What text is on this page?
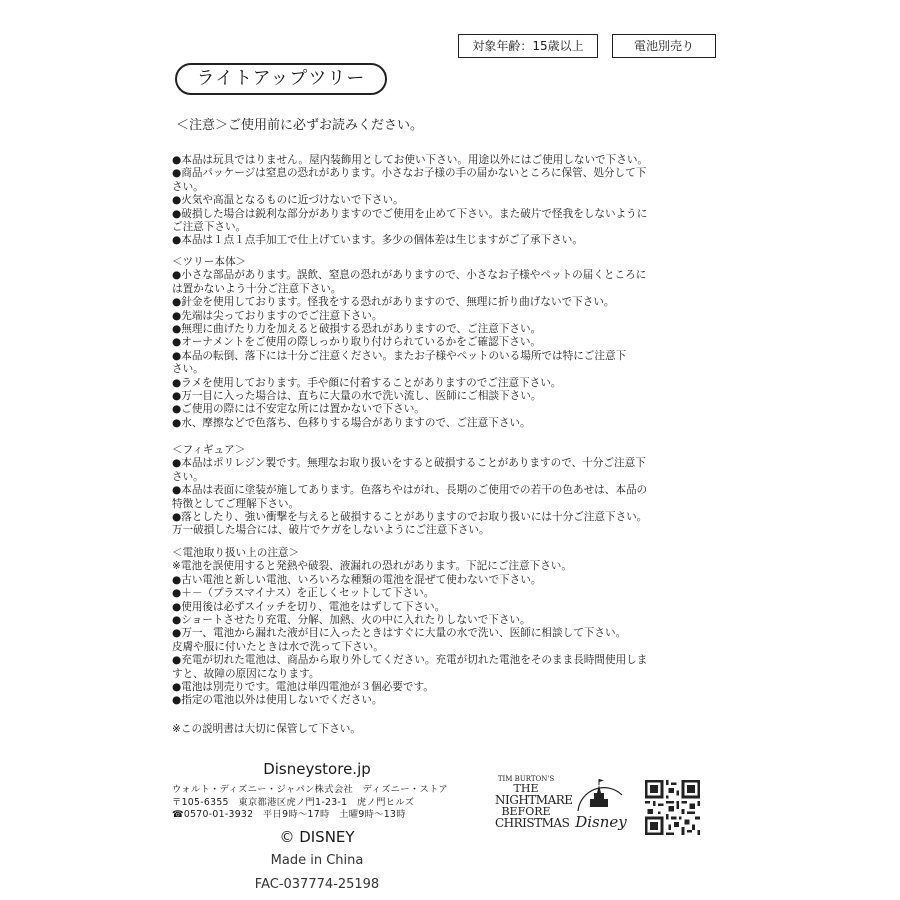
対象年齢：15歳以上	電池別売り
ライトアップツリー
＜注意＞ご使用前に必ずお読みください。
●本品は玩具ではりません。屋内装飾用としてお使い下さい。用途以外にはご使用しないで下さい。
●商品パッケージは窒息の恐れがあります。小さなお子様の手の届かないところに保管、処分して下
さい。
●火気や高温となるものに近づけないで下さい。
●破損した場合は鋭利な部分がありますのでご使用を止めて下さい。また破片で怪我をしないように
ご注意下さい。
●本品は１点１点手加工で仕上げています。多少の個体差は生じますがご了承下さい。
＜ツリー本体＞
●小さな部品があります。誤飲、窒息の恐れがありますので、小さなお子様やペットの届くところに
は置かないよう十分ご注意下さい。
●針金を使用しております。怪我をする恐れがありますので、無理に折り曲げないで下さい。
●先端は尖っておりますのでご注意下さい。
●無理に曲げたり力を加えると破損する恐れがありますので、ご注意下さい。
●オーナメントをご使用の際しっかり取り付けられているかをご確認下さい。
●本品の転倒、落下には十分ご注意ください。またお子様やペットのいる場所では特にご注意下
さい。
●ラメを使用しております。手や顔に付着することがありますのでご注意下さい。
●万一目に入った場合は、直ちに大量の水で洗い流し、医師にご相談下さい。
●ご使用の際には不安定な所には置かないで下さい。
●水、摩擦などで色落ち、色移りする場合がありますので、ご注意下さい。
＜フィギュア＞
●本品はポリレジン製です。無理なお取り扱いをすると破損することがありますので、十分ご注意下
さい。
●本品は表面に塗装が施してあります。色落ちやはがれ、長期のご使用での若干の色あせは、本品の
特徴としてご理解下さい。
●落としたり、強い衝撃を与えると破損することがありますのでお取り扱いには十分ご注意下さい。
万一破損した場合には、破片でケガをしないようにご注意下さい。
＜電池取り扱い上の注意＞
※電池を誤使用すると発熱や破裂、液漏れの恐れがあります。下記にご注意下さい。
●古い電池と新しい電池、いろいろな種類の電池を混ぜて使わないで下さい。
●＋－（プラスマイナス）を正しくセットして下さい。
●使用後は必ずスイッチを切り、電池をはずして下さい。
●ショートさせたり充電、分解、加熱、火の中に入れたりしないで下さい。
●万一、電池から漏れた液が目に入ったときはすぐに大量の水で洗い、医師に相談して下さい。
皮膚や服に付いたときは水で洗って下さい。
●充電が切れた電池は、商品から取り外してください。充電が切れた電池をそのまま長時間使用しま
すと、故障の原因になります。
●電池は別売りです。電池は単四電池が３個必要です。
●指定の電池以外は使用しないでください。
※この説明書は大切に保管して下さい。
Disneystore.jp
ウォルト・ディズニー・ジャパン株式会社　ディズニー・ストア
〒105-6355　東京都港区虎ノ門1-23-1　虎ノ門ヒルズ
☎0570-01-3932　平日9時～17時　土曜9時～13時
© DISNEY
Made in China
FAC-037774-25198
TIM BURTON'S
THE
NIGHTMARE
BEFORE
CHRISTMAS Disney
